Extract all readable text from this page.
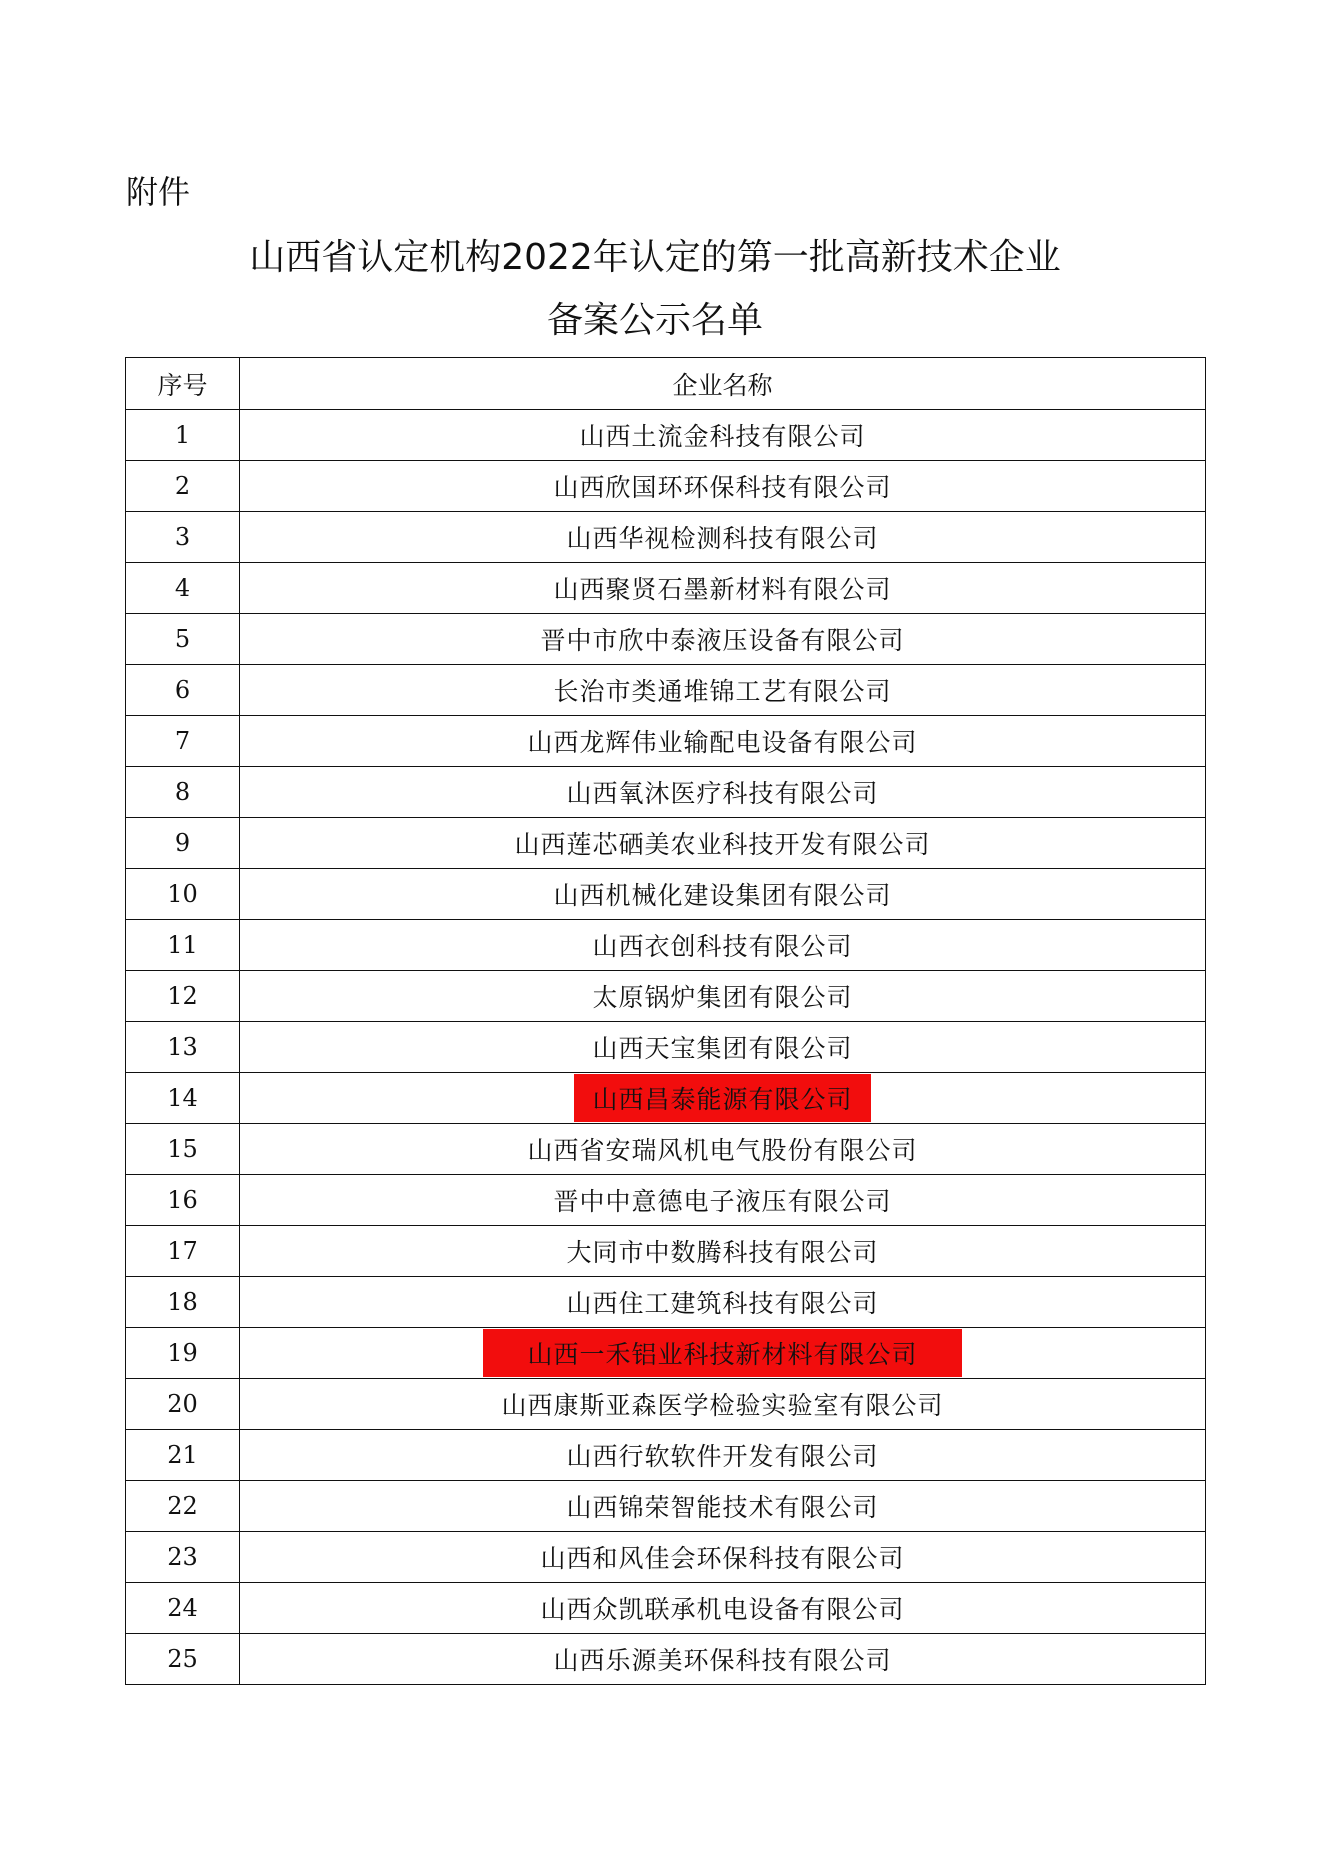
附件
山西省认定机构2022年认定的第一批高新技术企业
备案公示名单
序号	企业名称
1	山西土流金科技有限公司
2	山西欣国环环保科技有限公司
3	山西华视检测科技有限公司
4	山西聚贤石墨新材料有限公司
5	晋中市欣中泰液压设备有限公司
6	长治市类通堆锦工艺有限公司
7	山西龙辉伟业输配电设备有限公司
8	山西氧沐医疗科技有限公司
9	山西莲芯硒美农业科技开发有限公司
10	山西机械化建设集团有限公司
11	山西衣创科技有限公司
12	太原锅炉集团有限公司
13	山西天宝集团有限公司
14	山西昌泰能源有限公司
15	山西省安瑞风机电气股份有限公司
16	晋中中意德电子液压有限公司
17	大同市中数腾科技有限公司
18	山西住工建筑科技有限公司
19	山西一禾铝业科技新材料有限公司
20	山西康斯亚森医学检验实验室有限公司
21	山西行软软件开发有限公司
22	山西锦荣智能技术有限公司
23	山西和风佳会环保科技有限公司
24	山西众凯联承机电设备有限公司
25	山西乐源美环保科技有限公司
